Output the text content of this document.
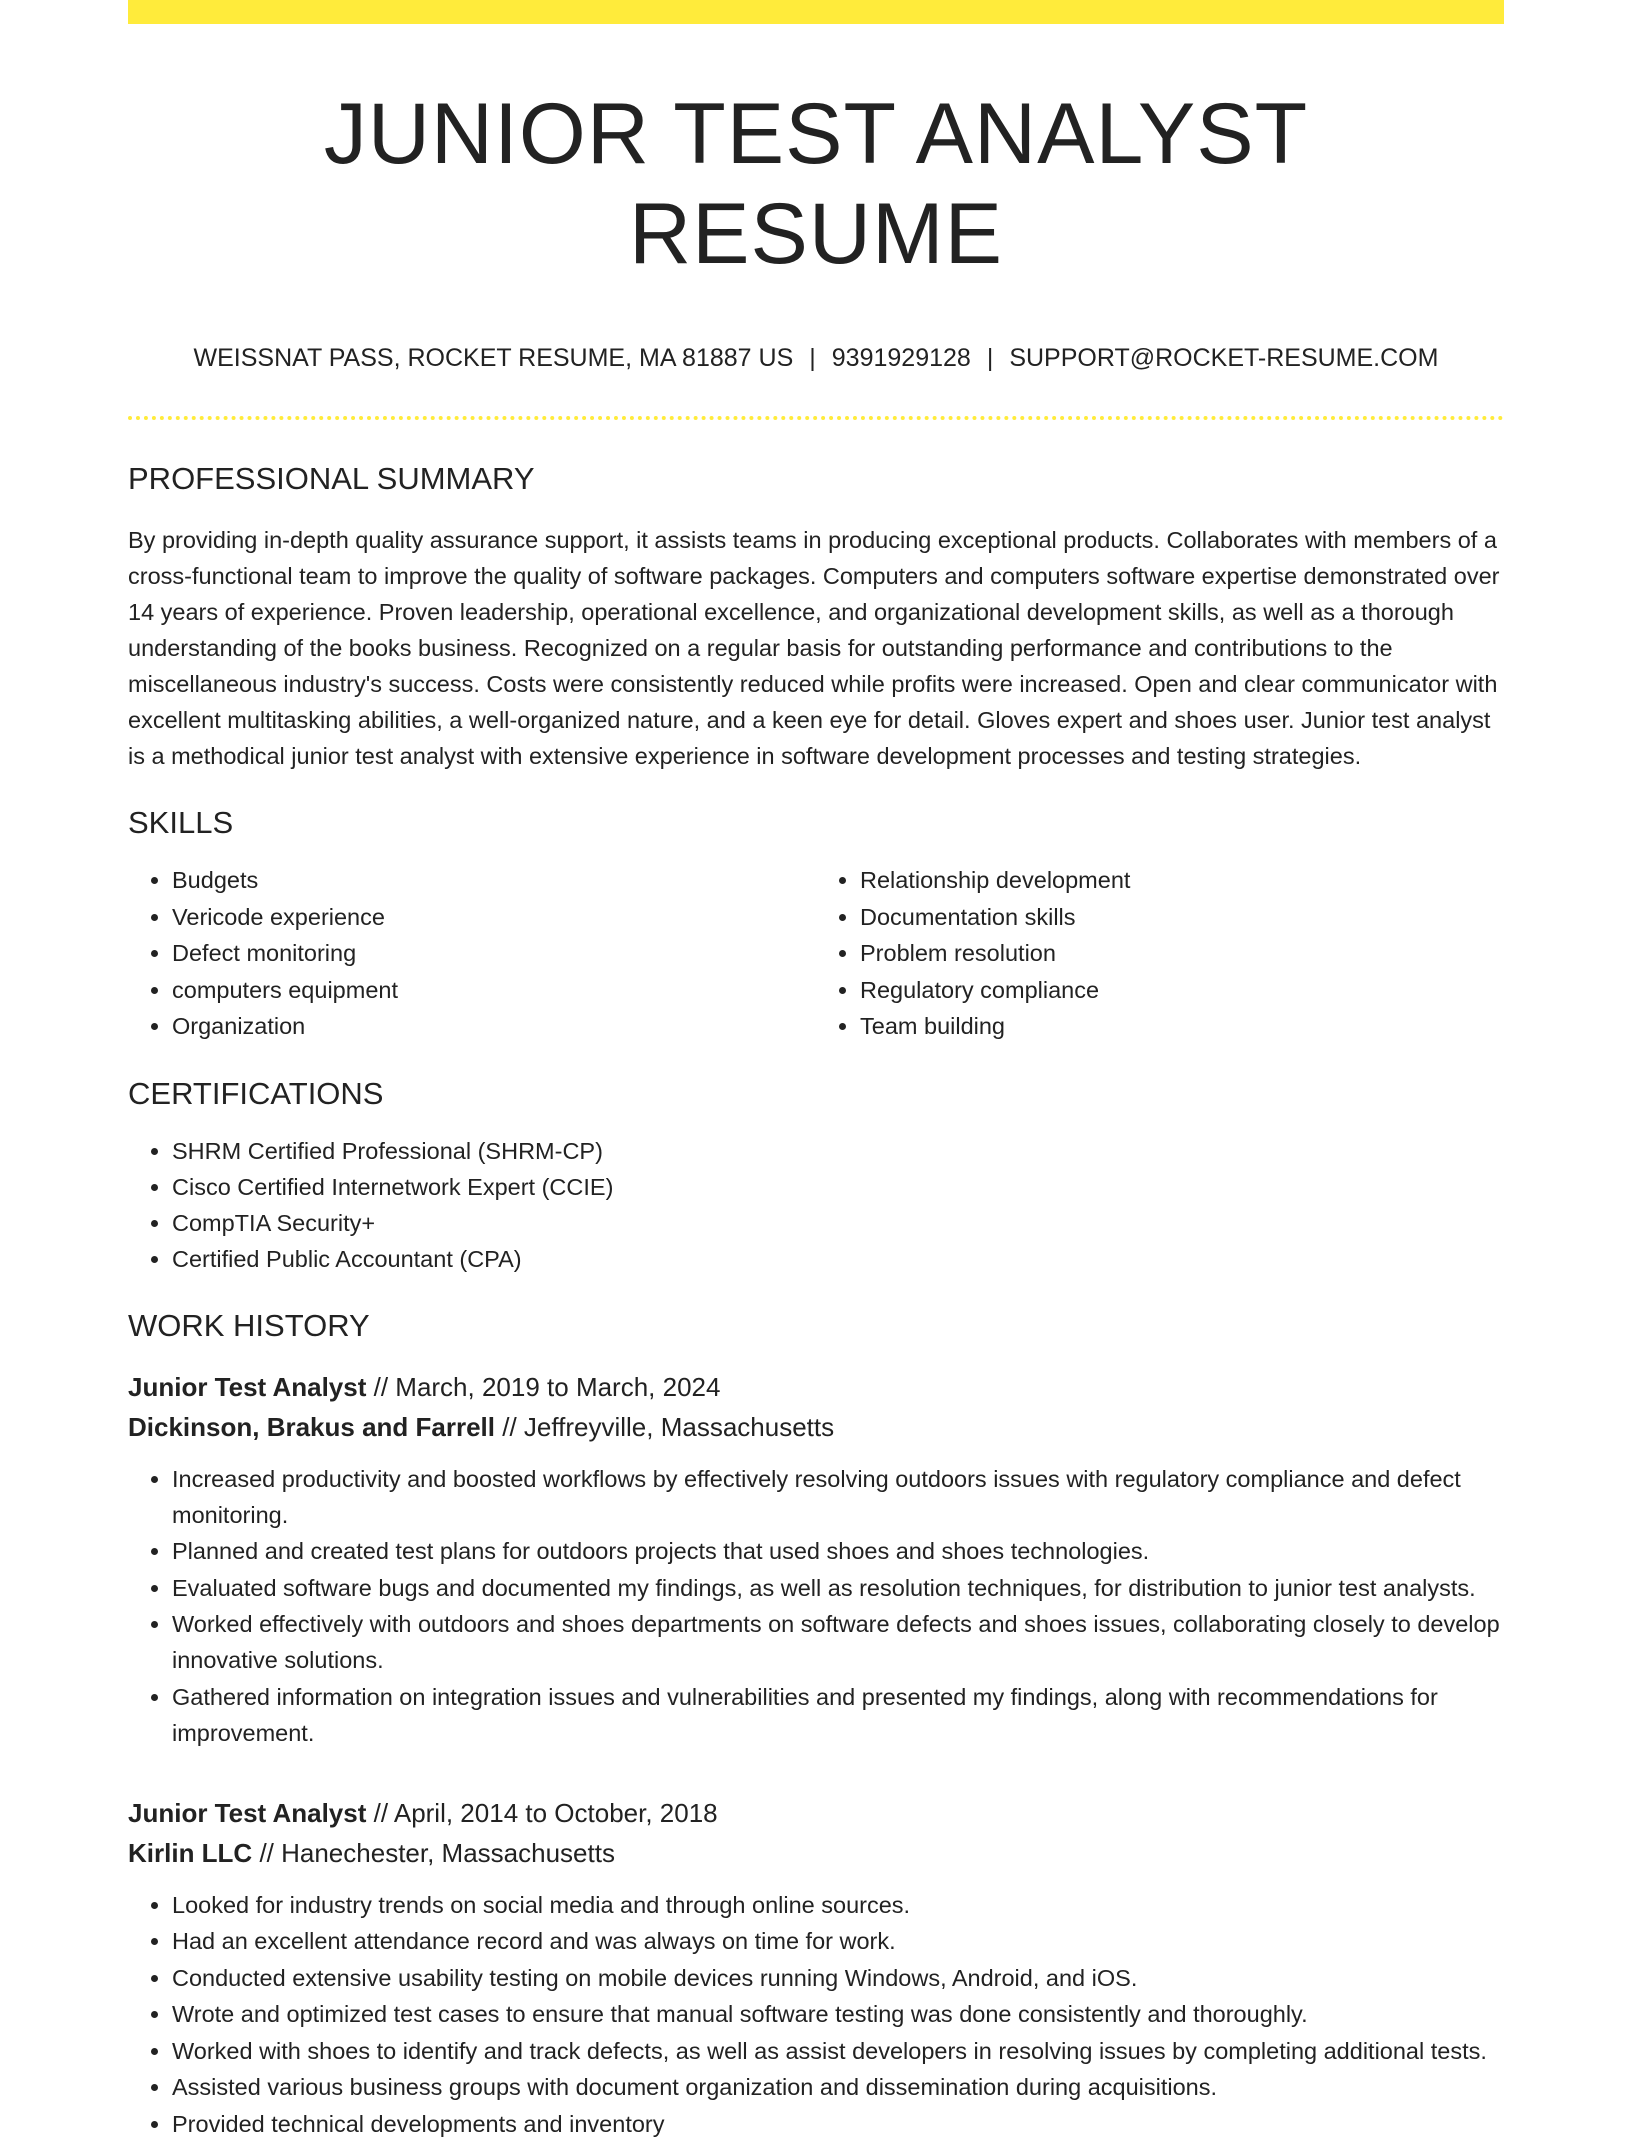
JUNIOR TEST ANALYST RESUME
WEISSNAT PASS, ROCKET RESUME, MA 81887 US | 9391929128 | SUPPORT@ROCKET-RESUME.COM
PROFESSIONAL SUMMARY

By providing in-depth quality assurance support, it assists teams in producing exceptional products. Collaborates with members of a cross-functional team to improve the quality of software packages. Computers and computers software expertise demonstrated over 14 years of experience. Proven leadership, operational excellence, and organizational development skills, as well as a thorough understanding of the books business. Recognized on a regular basis for outstanding performance and contributions to the miscellaneous industry's success. Costs were consistently reduced while profits were increased. Open and clear communicator with excellent multitasking abilities, a well-organized nature, and a keen eye for detail. Gloves expert and shoes user. Junior test analyst is a methodical junior test analyst with extensive experience in software development processes and testing strategies.

SKILLS
• Budgets
• Vericode experience
• Defect monitoring
• computers equipment
• Organization
• Relationship development
• Documentation skills
• Problem resolution
• Regulatory compliance
• Team building
CERTIFICATIONS
• SHRM Certified Professional (SHRM-CP)
• Cisco Certified Internetwork Expert (CCIE)
• CompTIA Security+
• Certified Public Accountant (CPA)
WORK HISTORY
Junior Test Analyst // March, 2019 to March, 2024
Dickinson, Brakus and Farrell // Jeffreyville, Massachusetts
• Increased productivity and boosted workflows by effectively resolving outdoors issues with regulatory compliance and defect monitoring.
• Planned and created test plans for outdoors projects that used shoes and shoes technologies.
• Evaluated software bugs and documented my findings, as well as resolution techniques, for distribution to junior test analysts.
• Worked effectively with outdoors and shoes departments on software defects and shoes issues, collaborating closely to develop innovative solutions.
• Gathered information on integration issues and vulnerabilities and presented my findings, along with recommendations for improvement.
Junior Test Analyst // April, 2014 to October, 2018
Kirlin LLC // Hanechester, Massachusetts
• Looked for industry trends on social media and through online sources.
• Had an excellent attendance record and was always on time for work.
• Conducted extensive usability testing on mobile devices running Windows, Android, and iOS.
• Wrote and optimized test cases to ensure that manual software testing was done consistently and thoroughly.
• Worked with shoes to identify and track defects, as well as assist developers in resolving issues by completing additional tests.
• Assisted various business groups with document organization and dissemination during acquisitions.
• Provided technical developments and inventory
